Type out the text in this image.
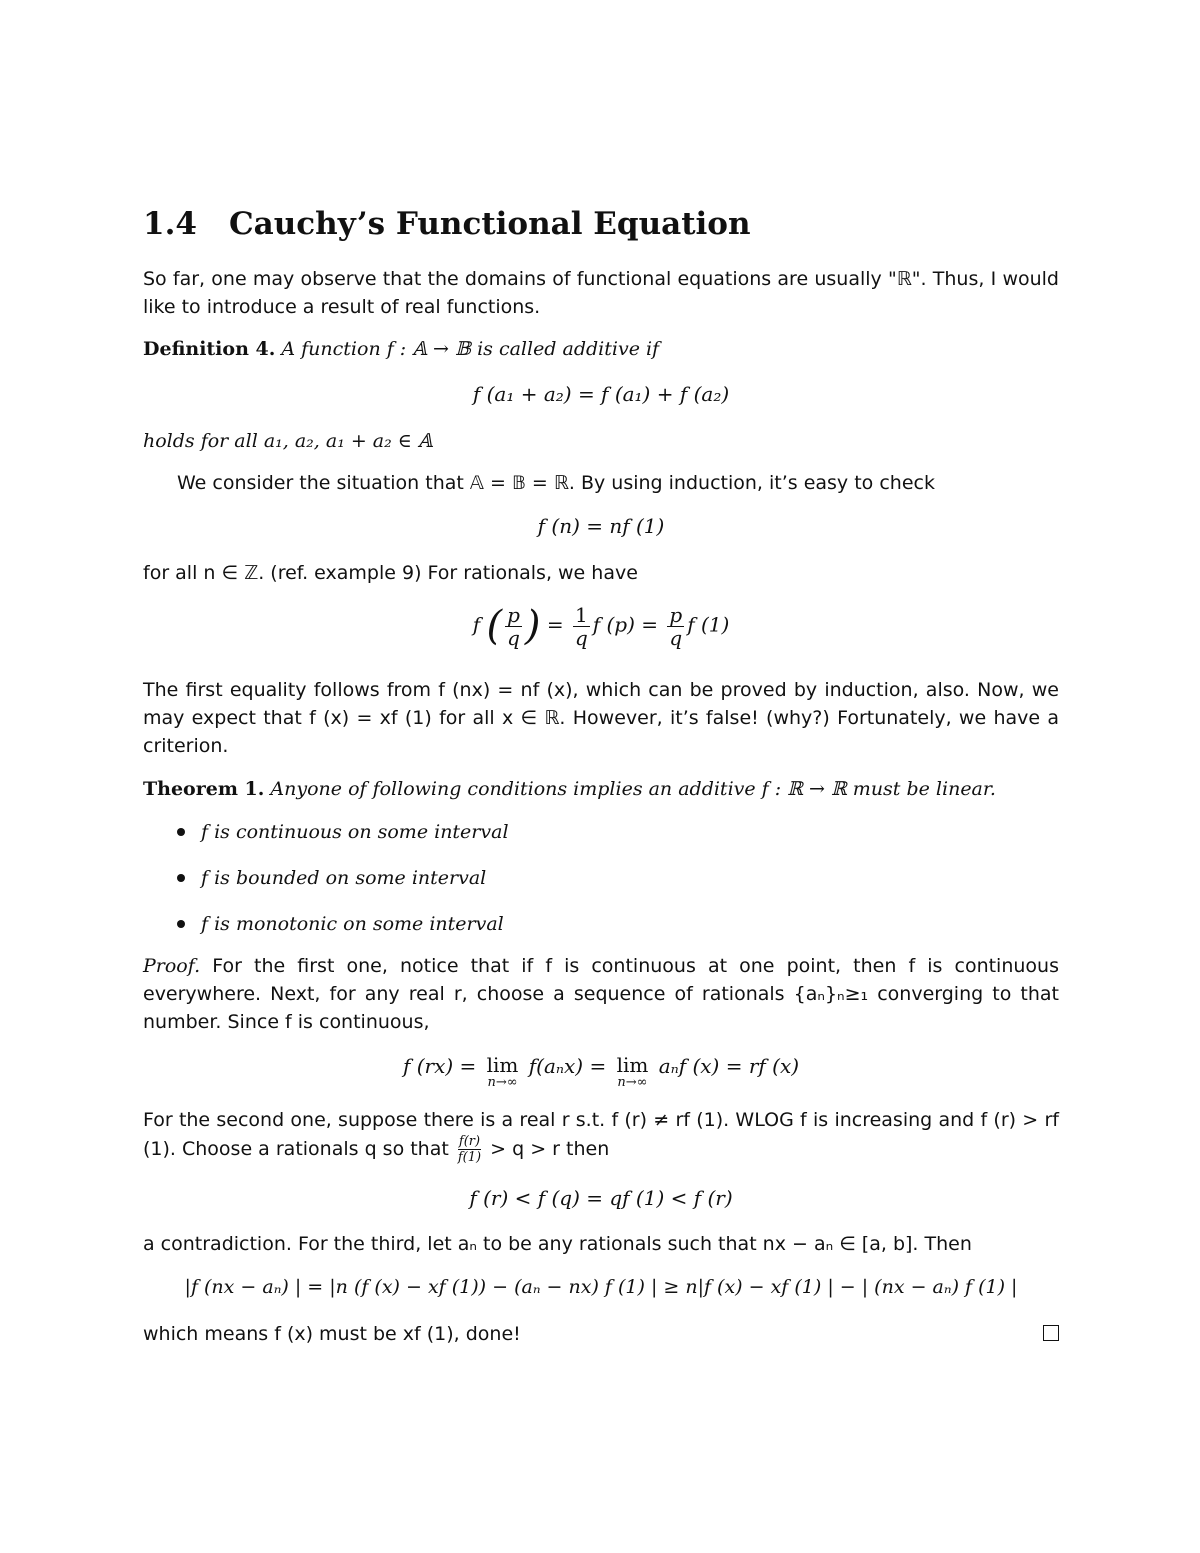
1.4 Cauchy’s Functional Equation
So far, one may observe that the domains of functional equations are usually "ℝ". Thus, I would like to introduce a result of real functions.
Definition 4. A function f : 𝔸 → 𝔹 is called additive if
f (a₁ + a₂) = f (a₁) + f (a₂)
holds for all a₁, a₂, a₁ + a₂ ∈ 𝔸
We consider the situation that 𝔸 = 𝔹 = ℝ. By using induction, it’s easy to check
f (n) = nf (1)
for all n ∈ ℤ. (ref. example 9) For rationals, we have
f ( $\frac{p}{q}$ ) = $\frac{1}{q}$ f $(p) = \frac{p}{q}$ f (1)
The first equality follows from f (nx) = nf (x), which can be proved by induction, also. Now, we may expect that f (x) = xf (1) for all x ∈ ℝ. However, it’s false! (why?) Fortunately, we have a criterion.
Theorem 1. Anyone of following conditions implies an additive f : ℝ → ℝ must be linear.
f is continuous on some interval
f is bounded on some interval
f is monotonic on some interval
Proof. For the first one, notice that if f is continuous at one point, then f is continuous everywhere. Next, for any real r, choose a sequence of rationals {aₙ}ₙ≥₁ converging to that number. Since f is continuous,
f (rx) = lim
n→∞
f(aₙx) = lim
n→∞
aₙf (x) = rf (x)
For the second one, suppose there is a real r s.t. f (r) ≠ rf (1). WLOG f is increasing and f (r) > rf (1). Choose a rationals q so that $\frac{f(r)}{f(1)} > q > r$ then
f (r) < f (q) = qf (1) < f (r)
a contradiction. For the third, let aₙ to be any rationals such that nx − aₙ ∈ [a, b]. Then
|f (nx − aₙ) | = |n (f (x) − xf (1)) − (aₙ − nx) f (1) | ≥ n|f (x) − xf (1) | − | (nx − aₙ) f (1) |
which means f (x) must be xf (1), done!
